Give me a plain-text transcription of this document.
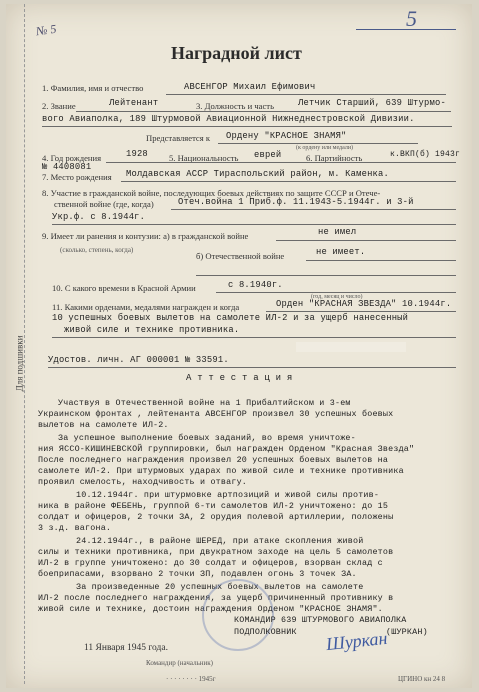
5
№ 5
Наградной лист
Для подшивки
1. Фамилия, имя и отчество	АВСЕНГОР Михаил Ефимович
2. Звание	Лейтенант	3. Должность и часть	Летчик Старший, 639 Штурмо-
вого Авиаполка, 189 Штурмовой Авиационной Нижнеднестровской Дивизии.
Представляется к Ордену "КРАСНОЕ ЗНАМЯ"
(к ордену или медали)
4. Год рождения	1928 5. Национальность еврей	6. Партийность	к.ВКП(б) 1943г
№ 4408081
7. Место рождения Молдавская АССР Тираспольский район, м. Каменка.
8. Участие в гражданской войне, последующих боевых действиях по защите СССР и Отече-
ственной войне (где, когда)	Отеч.война 1 Приб.ф. 11.1943-5.1944г. и 3-й
Укр.ф. с 8.1944г.
9. Имеет ли ранения и контузии: а) в гражданской войне	не имел
(сколько, степень, когда)
б) Отечественной войне	не имеет.
10. С какого времени в Красной Армии	с 8.1940г.
(год, месяц и число)
11. Какими орденами, медалями награжден и когда	Орден "КРАСНАЯ ЗВЕЗДА" 10.1944г.
10 успешных боевых вылетов на самолете ИЛ-2 и за ущерб нанесенный
живой силе и технике противника.
Удостов. личн. АГ 000001 № 33591.
А т т е с т а ц и я
Участвуя в Отечественной войне на 1 Прибалтийском и 3-ем
Украинском фронтах , лейтенанта АВСЕНГОР произвел 30 успешных боевых
вылетов на самолете ИЛ-2.
За успешное выполнение боевых заданий, во время уничтоже-
ния ЯССО-КИШИНЕВСКОЙ группировки, был награжден Орденом "Красная Звезда"
После последнего награждения произвел 20 успешных боевых вылетов на
самолете ИЛ-2. При штурмовых ударах по живой силе и технике противника
проявил смелость, находчивость и отвагу.
10.12.1944г. при штурмовке артпозиций и живой силы против-
ника в районе ФЕБЕНЬ, группой 6-ти самолетов ИЛ-2 уничтожено: до 15
солдат и офицеров, 2 точки ЗА, 2 орудия полевой артиллерии, положены
3 з.д. вагона.
24.12.1944г., в районе ШЕРЕД, при атаке скопления живой
силы и техники противника, при двукратном заходе на цель 5 самолетов
ИЛ-2 в группе уничтожено: до 30 солдат и офицеров, взорван склад с
боеприпасами, взорвано 2 точки ЗП, подавлен огонь 3 точек ЗА.
За произведенные 20 успешных боевых вылетов на самолете
ИЛ-2 после последнего награждения, за ущерб причиненный противнику в
живой силе и технике, достоин награждения Орденом "КРАСНОЕ ЗНАМЯ".
КОМАНДИР 639 ШТУРМОВОГО АВИАПОЛКА
ПОДПОЛКОВНИК	(ШУРКАН)
Шуркан
11 Января 1945 года.
Командир (начальник)
· · · · · · · · 1945г	ЦГИНО кн 24 8
